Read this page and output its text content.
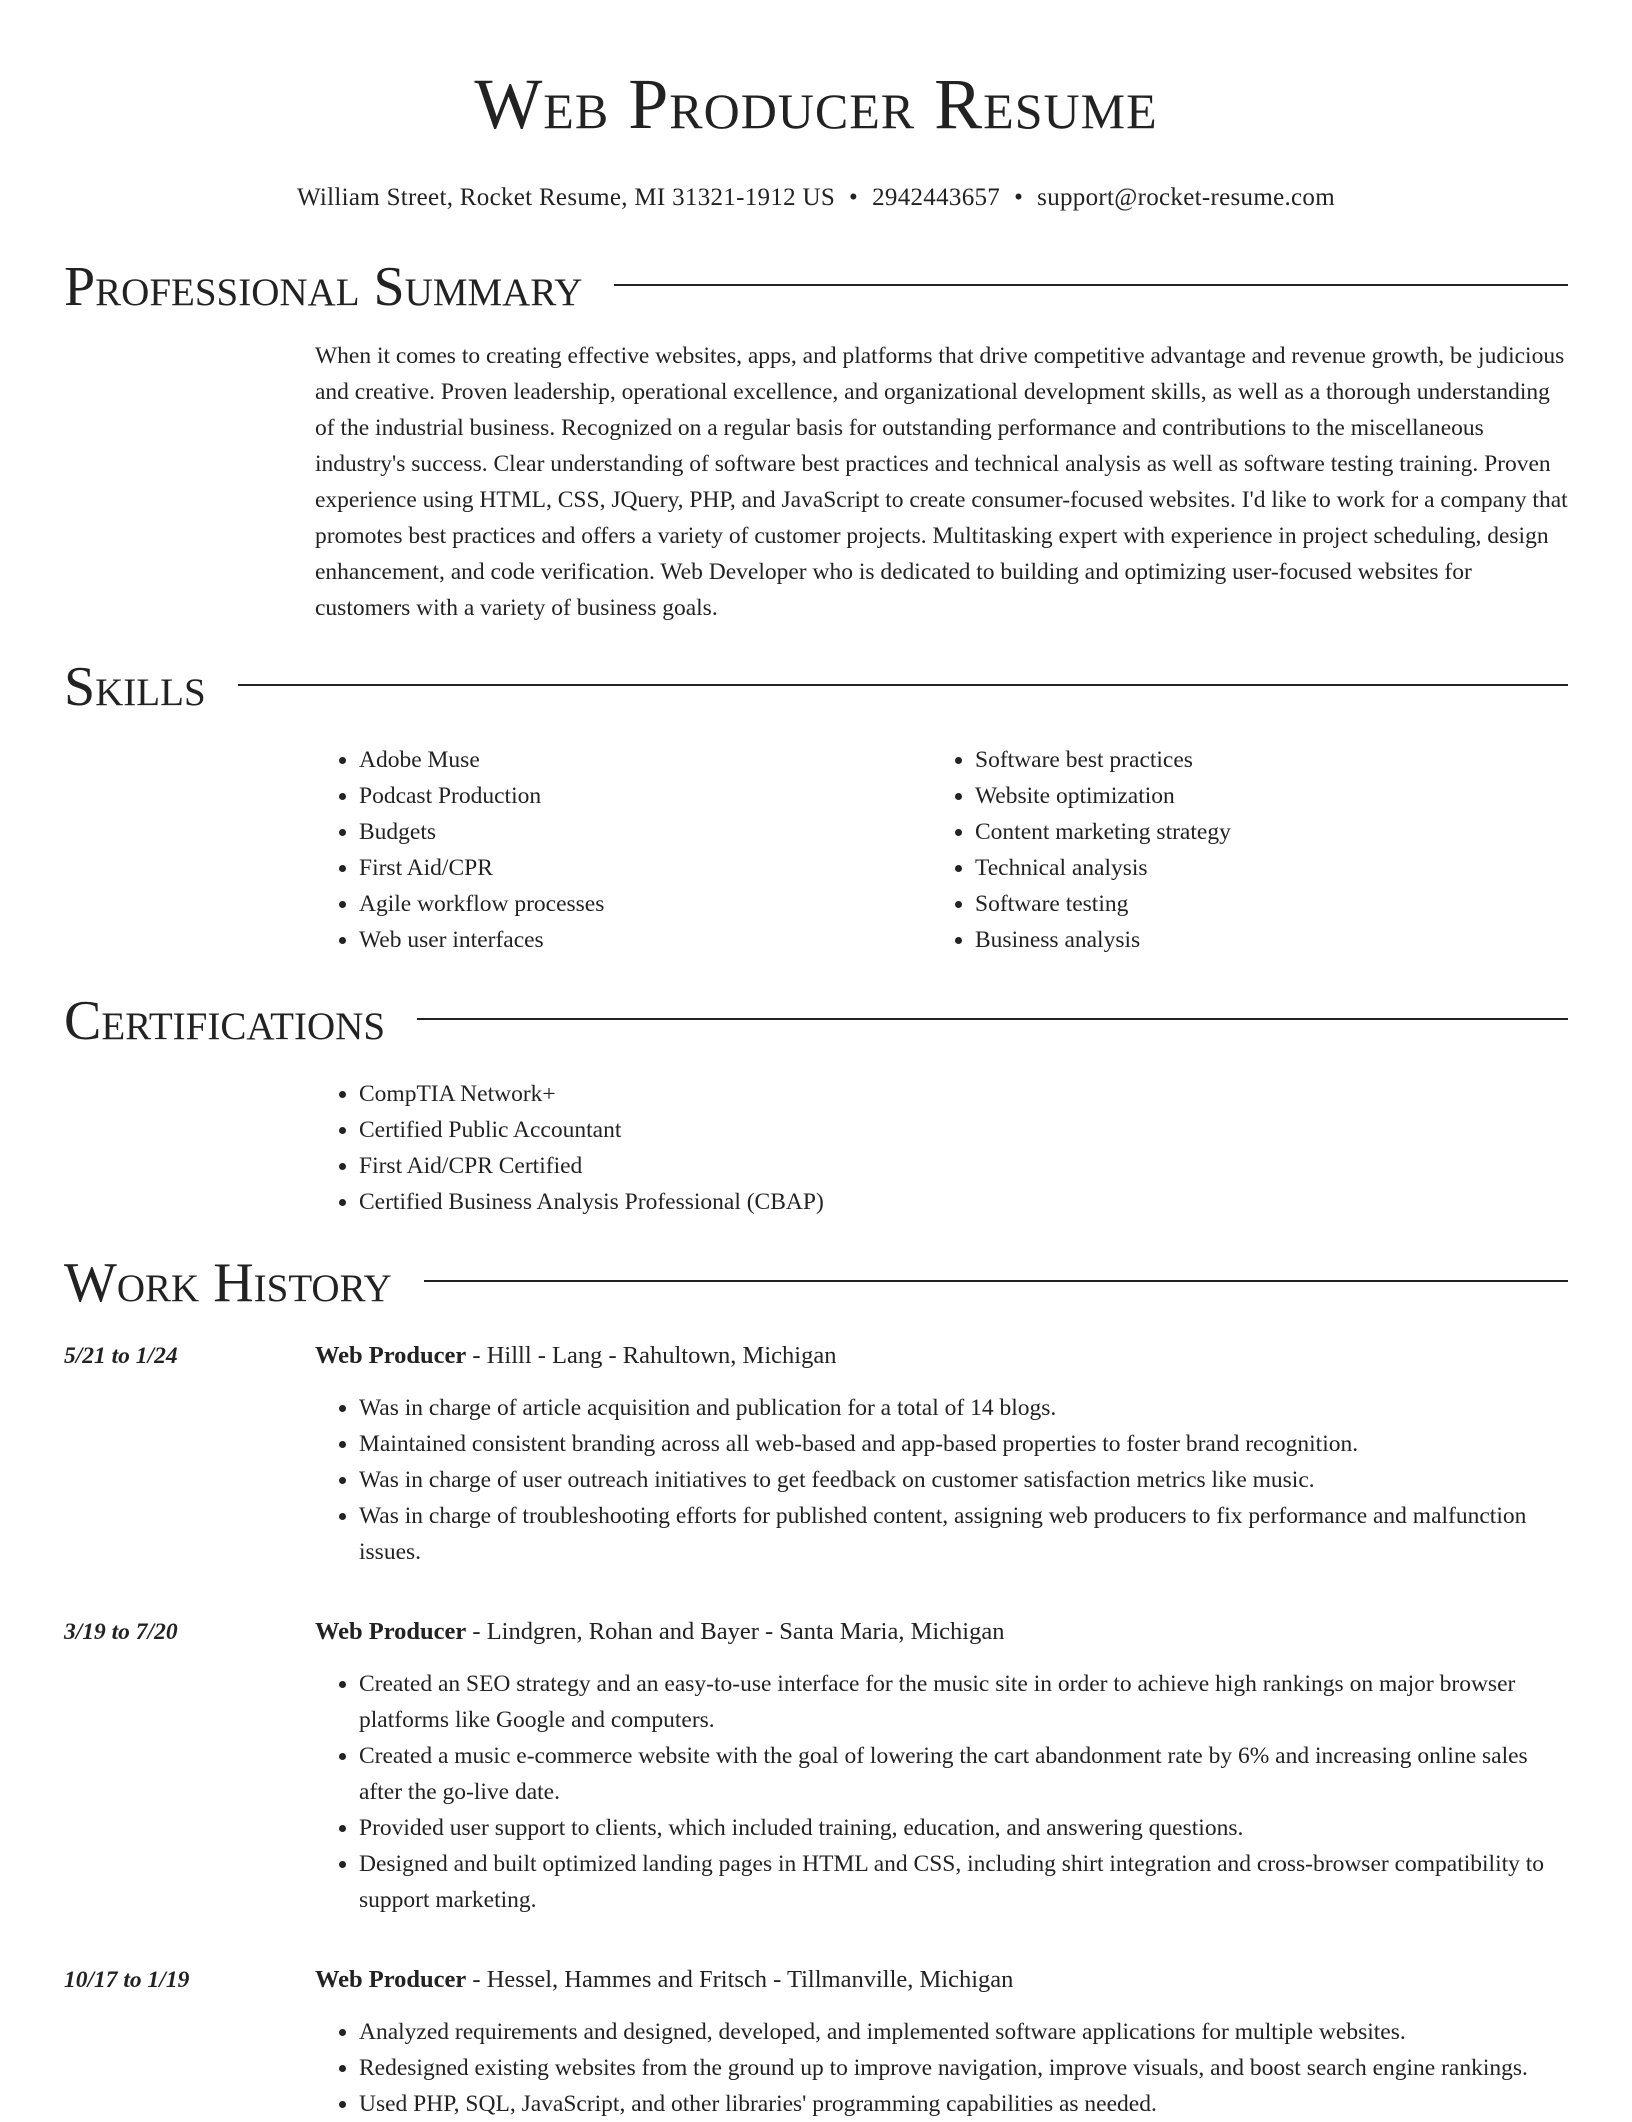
Web Producer Resume
William Street, Rocket Resume, MI 31321-1912 US • 2942443657 • support@rocket-resume.com
Professional Summary
When it comes to creating effective websites, apps, and platforms that drive competitive advantage and revenue growth, be judicious and creative. Proven leadership, operational excellence, and organizational development skills, as well as a thorough understanding of the industrial business. Recognized on a regular basis for outstanding performance and contributions to the miscellaneous industry's success. Clear understanding of software best practices and technical analysis as well as software testing training. Proven experience using HTML, CSS, JQuery, PHP, and JavaScript to create consumer-focused websites. I'd like to work for a company that promotes best practices and offers a variety of customer projects. Multitasking expert with experience in project scheduling, design enhancement, and code verification. Web Developer who is dedicated to building and optimizing user-focused websites for customers with a variety of business goals.
Skills
• Adobe Muse
• Podcast Production
• Budgets
• First Aid/CPR
• Agile workflow processes
• Web user interfaces
• Software best practices
• Website optimization
• Content marketing strategy
• Technical analysis
• Software testing
• Business analysis
Certifications
• CompTIA Network+
• Certified Public Accountant
• First Aid/CPR Certified
• Certified Business Analysis Professional (CBAP)
Work History
5/21 to 1/24	Web Producer - Hilll - Lang - Rahultown, Michigan
• Was in charge of article acquisition and publication for a total of 14 blogs.
• Maintained consistent branding across all web-based and app-based properties to foster brand recognition.
• Was in charge of user outreach initiatives to get feedback on customer satisfaction metrics like music.
• Was in charge of troubleshooting efforts for published content, assigning web producers to fix performance and malfunction issues.
3/19 to 7/20	Web Producer - Lindgren, Rohan and Bayer - Santa Maria, Michigan
• Created an SEO strategy and an easy-to-use interface for the music site in order to achieve high rankings on major browser platforms like Google and computers.
• Created a music e-commerce website with the goal of lowering the cart abandonment rate by 6% and increasing online sales after the go-live date.
• Provided user support to clients, which included training, education, and answering questions.
• Designed and built optimized landing pages in HTML and CSS, including shirt integration and cross-browser compatibility to support marketing.
10/17 to 1/19	Web Producer - Hessel, Hammes and Fritsch - Tillmanville, Michigan
• Analyzed requirements and designed, developed, and implemented software applications for multiple websites.
• Redesigned existing websites from the ground up to improve navigation, improve visuals, and boost search engine rankings.
• Used PHP, SQL, JavaScript, and other libraries' programming capabilities as needed.
